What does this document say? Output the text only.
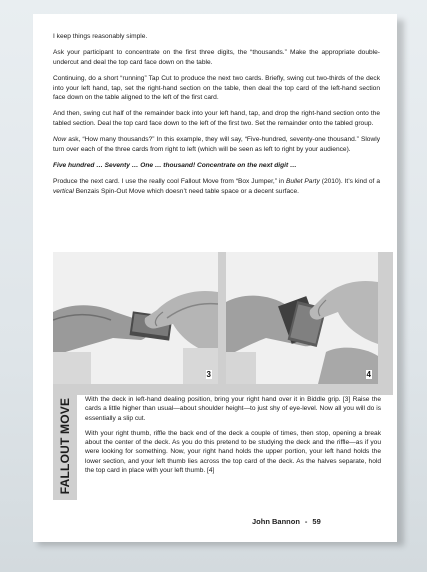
I keep things reasonably simple.

Ask your participant to concentrate on the first three digits, the “thousands.” Make the appropriate double-undercut and deal the top card face down on the table.

Continuing, do a short “running” Tap Cut to produce the next two cards. Briefly, swing cut two-thirds of the deck into your left hand, tap, set the right-hand section on the table, then deal the top card of the left-hand section face down on the table aligned to the left of the first card.

And then, swing cut half of the remainder back into your left hand, tap, and drop the right-hand section onto the tabled section. Deal the top card face down to the left of the first two. Set the remainder onto the tabled group.

Now ask, “How many thousands?” In this example, they will say, “Five-hundred, seventy-one thousand.” Slowly turn over each of the three cards from right to left (which will be seen as left to right by your audience).

Five hundred … Seventy … One … thousand! Concentrate on the next digit …

Produce the next card. I use the really cool Fallout Move from “Box Jumper,” in Bullet Party (2010). It’s kind of a vertical Benzais Spin-Out Move which doesn’t need table space or a decent surface.

3	4
FALLOUT MOVE With the deck in left-hand dealing position, bring your right hand over it in Biddle grip. [3] Raise the cards a little higher than usual—about shoulder height—to just shy of eye-level. Now all you will do is essentially a slip cut.

With your right thumb, riffle the back end of the deck a couple of times, then stop, opening a break about the center of the deck. As you do this pretend to be studying the deck and the riffle—as if you were looking for something. Now, your right hand holds the upper portion, your left hand holds the lower section, and your left thumb lies across the top card of the deck. As the halves separate, hold the top card in place with your left thumb. [4]

John Bannon - 59
